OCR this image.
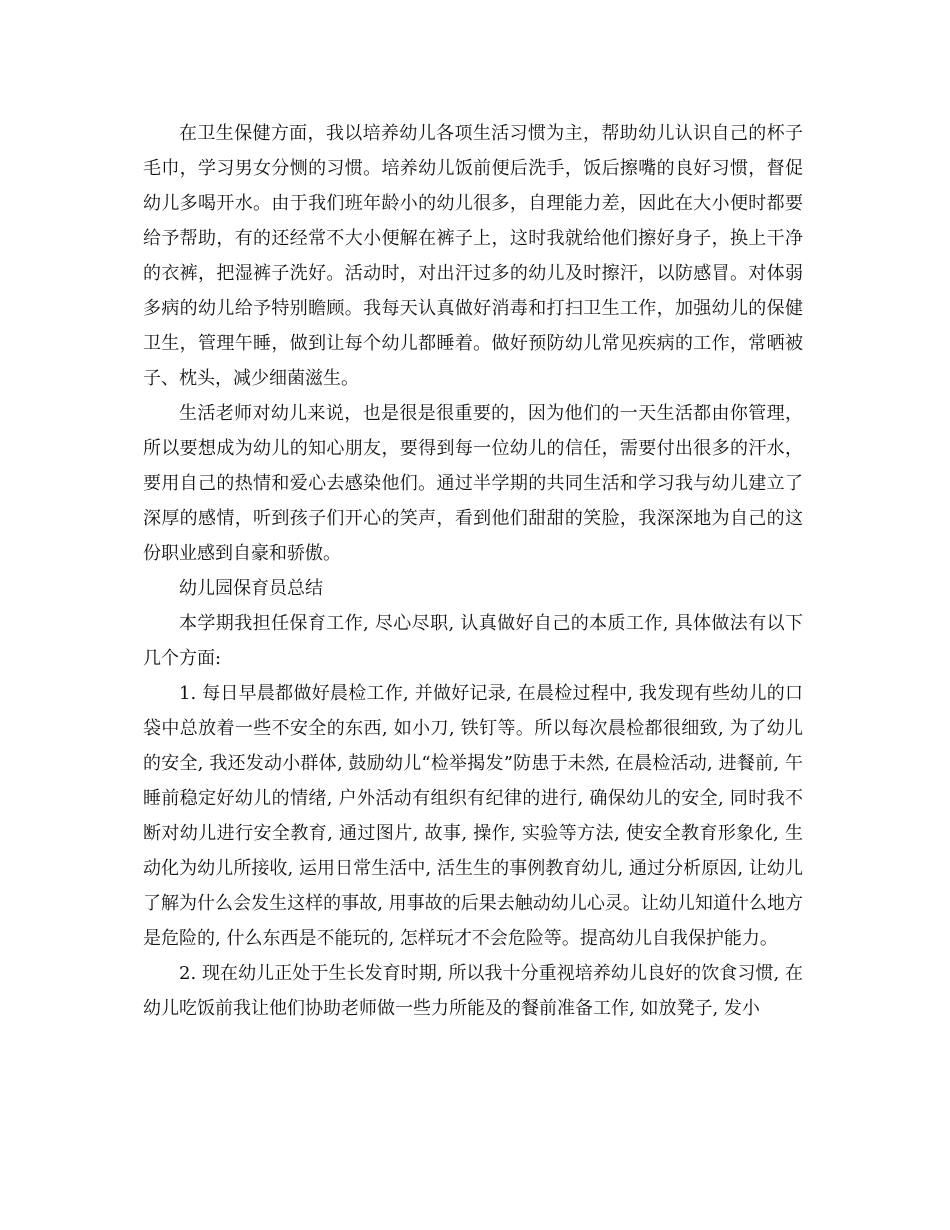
在卫生保健方面，我以培养幼儿各项生活习惯为主，帮助幼儿认识自己的杯子毛巾，学习男女分恻的习惯。培养幼儿饭前便后洗手，饭后擦嘴的良好习惯，督促幼儿多喝开水。由于我们班年龄小的幼儿很多，自理能力差，因此在大小便时都要给予帮助，有的还经常不大小便解在裤子上，这时我就给他们擦好身子，换上干净的衣裤，把湿裤子洗好。活动时，对出汗过多的幼儿及时擦汗，以防感冒。对体弱多病的幼儿给予特别瞻顾。我每天认真做好消毒和打扫卫生工作，加强幼儿的保健卫生，管理午睡，做到让每个幼儿都睡着。做好预防幼儿常见疾病的工作，常晒被子、枕头，减少细菌滋生。

生活老师对幼儿来说，也是很是很重要的，因为他们的一天生活都由你管理，所以要想成为幼儿的知心朋友，要得到每一位幼儿的信任，需要付出很多的汗水，要用自己的热情和爱心去感染他们。通过半学期的共同生活和学习我与幼儿建立了深厚的感情，听到孩子们开心的笑声，看到他们甜甜的笑脸，我深深地为自己的这份职业感到自豪和骄傲。

幼儿园保育员总结

本学期我担任保育工作, 尽心尽职, 认真做好自己的本质工作, 具体做法有以下几个方面:

1. 每日早晨都做好晨检工作, 并做好记录, 在晨检过程中, 我发现有些幼儿的口袋中总放着一些不安全的东西, 如小刀, 铁钉等。所以每次晨检都很细致, 为了幼儿的安全, 我还发动小群体, 鼓励幼儿“检举揭发”防患于未然, 在晨检活动, 进餐前, 午睡前稳定好幼儿的情绪, 户外活动有组织有纪律的进行, 确保幼儿的安全, 同时我不断对幼儿进行安全教育, 通过图片, 故事, 操作, 实验等方法, 使安全教育形象化, 生动化为幼儿所接收, 运用日常生活中, 活生生的事例教育幼儿, 通过分析原因, 让幼儿了解为什么会发生这样的事故, 用事故的后果去触动幼儿心灵。让幼儿知道什么地方是危险的, 什么东西是不能玩的, 怎样玩才不会危险等。提高幼儿自我保护能力。

2. 现在幼儿正处于生长发育时期, 所以我十分重视培养幼儿良好的饮食习惯, 在幼儿吃饭前我让他们协助老师做一些力所能及的餐前准备工作, 如放凳子, 发小
